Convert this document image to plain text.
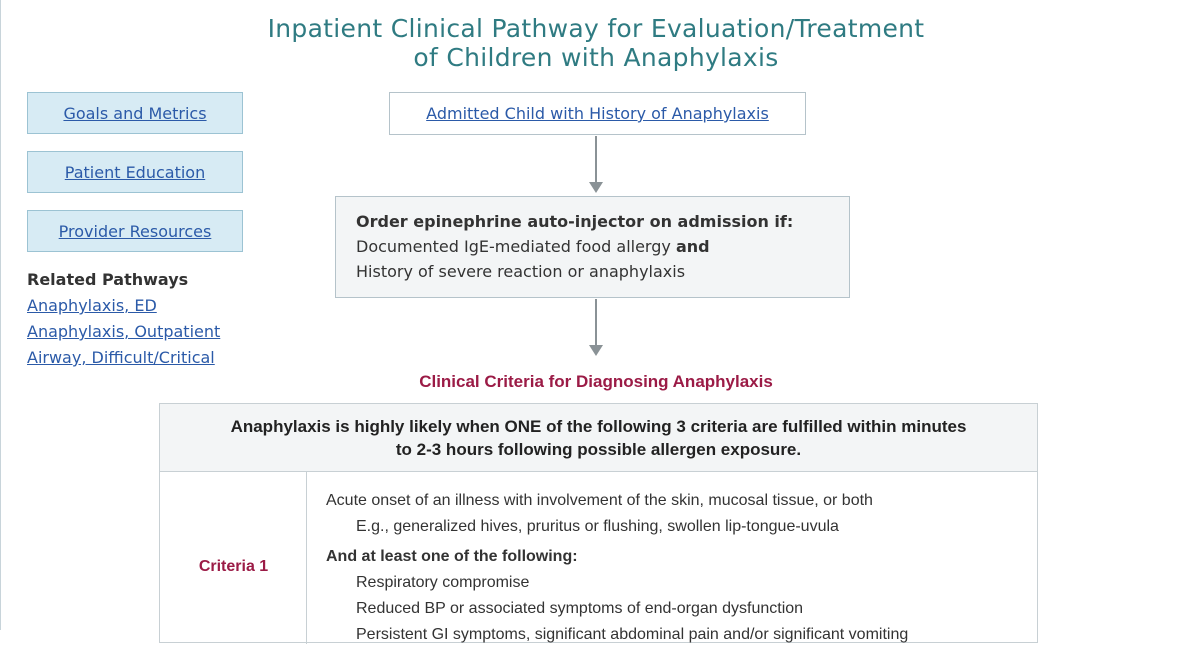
Inpatient Clinical Pathway for Evaluation/Treatment
of Children with Anaphylaxis
Goals and Metrics
Patient Education
Provider Resources
Related Pathways
Anaphylaxis, ED
Anaphylaxis, Outpatient
Airway, Difficult/Critical
Admitted Child with History of Anaphylaxis
Order epinephrine auto-injector on admission if:
Documented IgE-mediated food allergy and
History of severe reaction or anaphylaxis
Clinical Criteria for Diagnosing Anaphylaxis
Anaphylaxis is highly likely when ONE of the following 3 criteria are fulfilled within minutes
to 2-3 hours following possible allergen exposure.
Criteria 1
Acute onset of an illness with involvement of the skin, mucosal tissue, or both
E.g., generalized hives, pruritus or flushing, swollen lip-tongue-uvula
And at least one of the following:
Respiratory compromise
Reduced BP or associated symptoms of end-organ dysfunction
Persistent GI symptoms, significant abdominal pain and/or significant vomiting
